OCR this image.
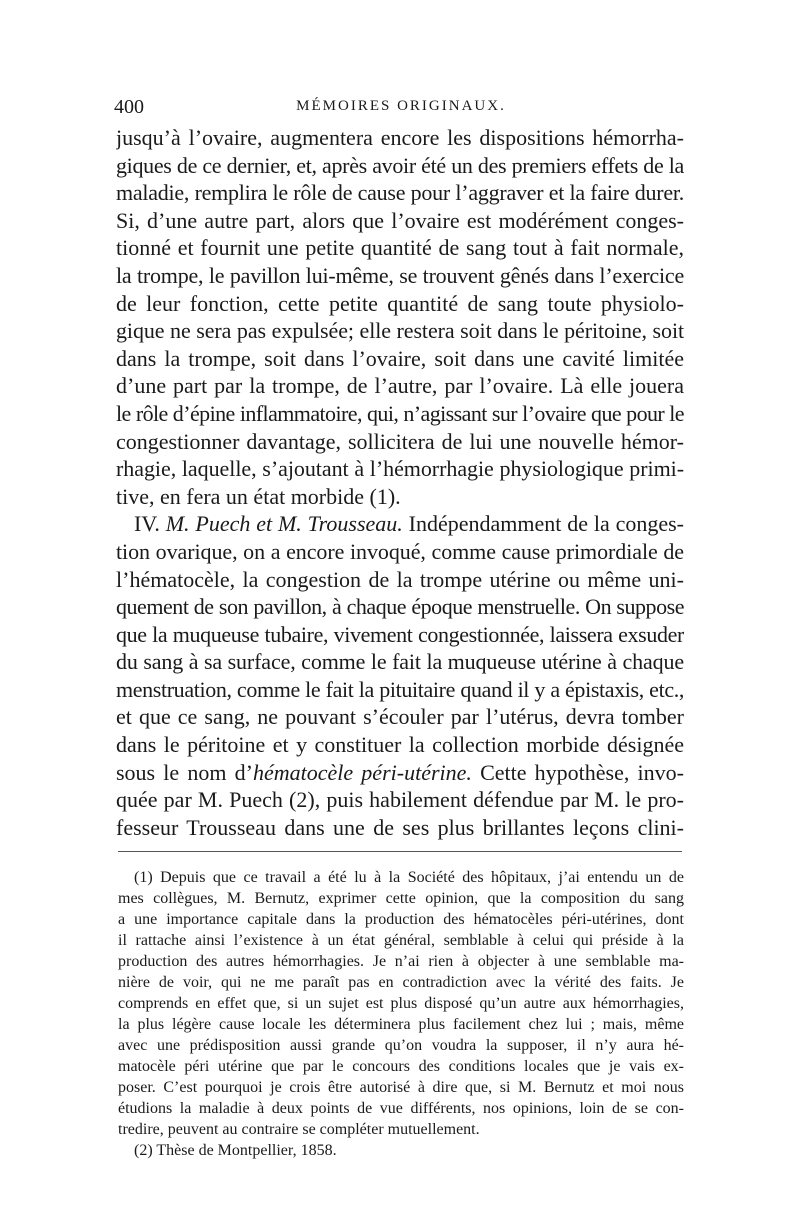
400	MÉMOIRES ORIGINAUX.
jusqu’à l’ovaire, augmentera encore les dispositions hémorrha-
giques de ce dernier, et, après avoir été un des premiers effets de la
maladie, remplira le rôle de cause pour l’aggraver et la faire durer.
Si, d’une autre part, alors que l’ovaire est modérément conges-
tionné et fournit une petite quantité de sang tout à fait normale,
la trompe, le pavillon lui-même, se trouvent gênés dans l’exercice
de leur fonction, cette petite quantité de sang toute physiolo-
gique ne sera pas expulsée; elle restera soit dans le péritoine, soit
dans la trompe, soit dans l’ovaire, soit dans une cavité limitée
d’une part par la trompe, de l’autre, par l’ovaire. Là elle jouera
le rôle d’épine inflammatoire, qui, n’agissant sur l’ovaire que pour le
congestionner davantage, sollicitera de lui une nouvelle hémor-
rhagie, laquelle, s’ajoutant à l’hémorrhagie physiologique primi-
tive, en fera un état morbide (1).
IV. M. Puech et M. Trousseau. Indépendamment de la conges-
tion ovarique, on a encore invoqué, comme cause primordiale de
l’hématocèle, la congestion de la trompe utérine ou même uni-
quement de son pavillon, à chaque époque menstruelle. On suppose
que la muqueuse tubaire, vivement congestionnée, laissera exsuder
du sang à sa surface, comme le fait la muqueuse utérine à chaque
menstruation, comme le fait la pituitaire quand il y a épistaxis, etc.,
et que ce sang, ne pouvant s’écouler par l’utérus, devra tomber
dans le péritoine et y constituer la collection morbide désignée
sous le nom d’hématocèle péri-utérine. Cette hypothèse, invo-
quée par M. Puech (2), puis habilement défendue par M. le pro-
fesseur Trousseau dans une de ses plus brillantes leçons clini-
(1) Depuis que ce travail a été lu à la Société des hôpitaux, j’ai entendu un de
mes collègues, M. Bernutz, exprimer cette opinion, que la composition du sang
a une importance capitale dans la production des hématocèles péri-utérines, dont
il rattache ainsi l’existence à un état général, semblable à celui qui préside à la
production des autres hémorrhagies. Je n’ai rien à objecter à une semblable ma-
nière de voir, qui ne me paraît pas en contradiction avec la vérité des faits. Je
comprends en effet que, si un sujet est plus disposé qu’un autre aux hémorrhagies,
la plus légère cause locale les déterminera plus facilement chez lui ; mais, même
avec une prédisposition aussi grande qu’on voudra la supposer, il n’y aura hé-
matocèle péri utérine que par le concours des conditions locales que je vais ex-
poser. C’est pourquoi je crois être autorisé à dire que, si M. Bernutz et moi nous
étudions la maladie à deux points de vue différents, nos opinions, loin de se con-
tredire, peuvent au contraire se compléter mutuellement.
(2) Thèse de Montpellier, 1858.
